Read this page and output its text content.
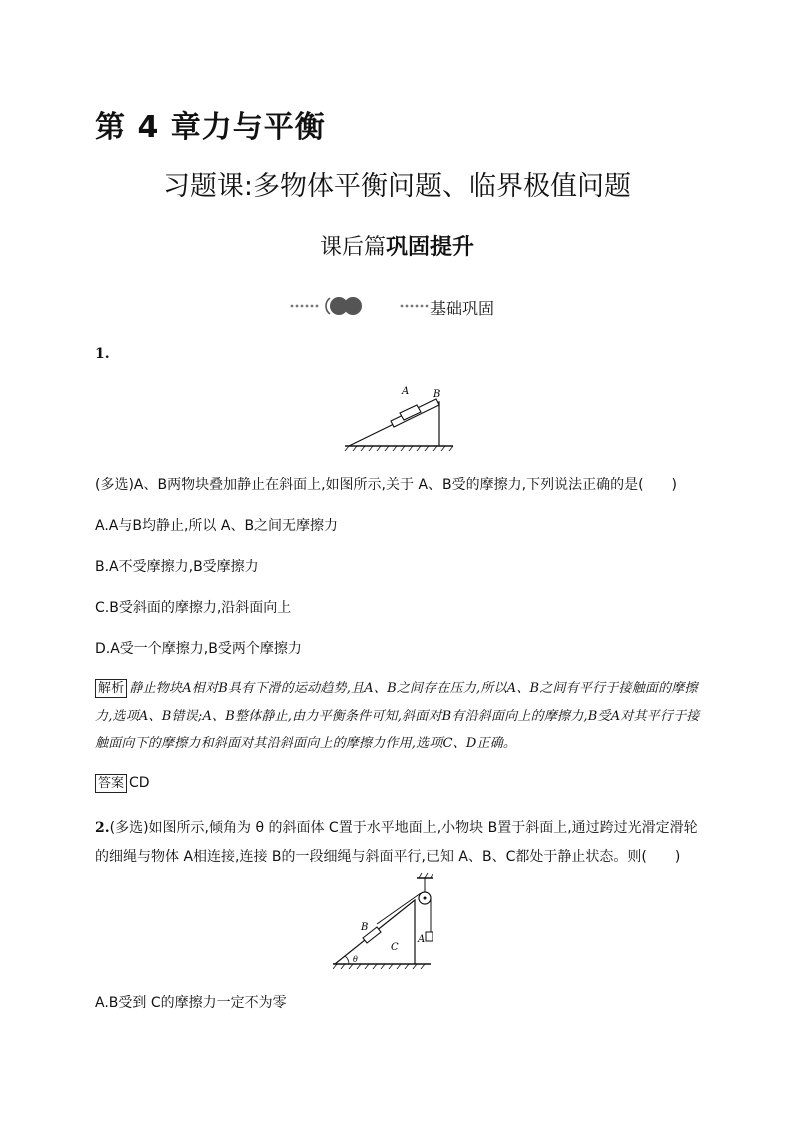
第 4 章力与平衡
习题课:多物体平衡问题、临界极值问题
课后篇巩固提升
基础巩固
1.
A B
(多选)A、B两物块叠加静止在斜面上,如图所示,关于 A、B受的摩擦力,下列说法正确的是(　　)
A.A与B均静止,所以 A、B之间无摩擦力
B.A不受摩擦力,B受摩擦力
C.B受斜面的摩擦力,沿斜面向上
D.A受一个摩擦力,B受两个摩擦力
解析 静止物块A相对B具有下滑的运动趋势,且A、B之间存在压力,所以A、B之间有平行于接触面的摩擦力,选项A、B错误;A、B整体静止,由力平衡条件可知,斜面对B有沿斜面向上的摩擦力,B受A对其平行于接触面向下的摩擦力和斜面对其沿斜面向上的摩擦力作用,选项C、D正确。
答案 CD
2.(多选)如图所示,倾角为 θ 的斜面体 C置于水平地面上,小物块 B置于斜面上,通过跨过光滑定滑轮的细绳与物体 A相连接,连接 B的一段细绳与斜面平行,已知 A、B、C都处于静止状态。则(　　)
B
C
A
θ
A.B受到 C的摩擦力一定不为零
